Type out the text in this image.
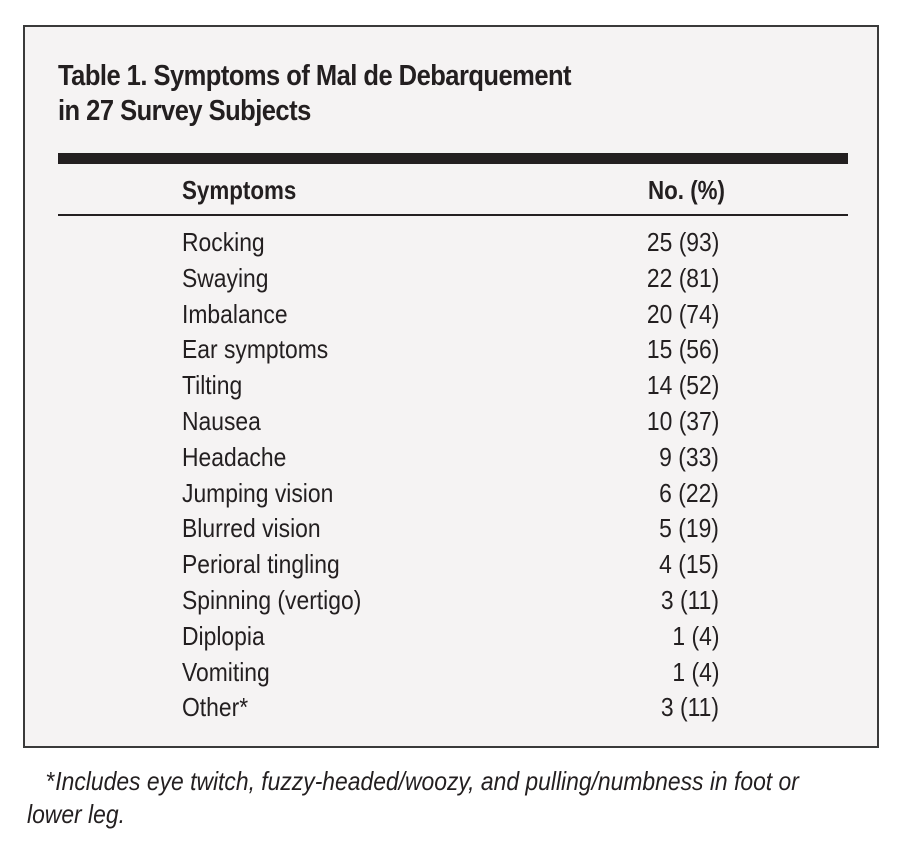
Table 1. Symptoms of Mal de Debarquement
in 27 Survey Subjects
Symptoms	No. (%)
Rocking	25 (93)
Swaying	22 (81)
Imbalance	20 (74)
Ear symptoms	15 (56)
Tilting	14 (52)
Nausea	10 (37)
Headache	9 (33)
Jumping vision	6 (22)
Blurred vision	5 (19)
Perioral tingling	4 (15)
Spinning (vertigo)	3 (11)
Diplopia	1 (4)
Vomiting	1 (4)
Other*	3 (11)

*Includes eye twitch, fuzzy-headed/woozy, and pulling/numbness in foot or lower leg.
